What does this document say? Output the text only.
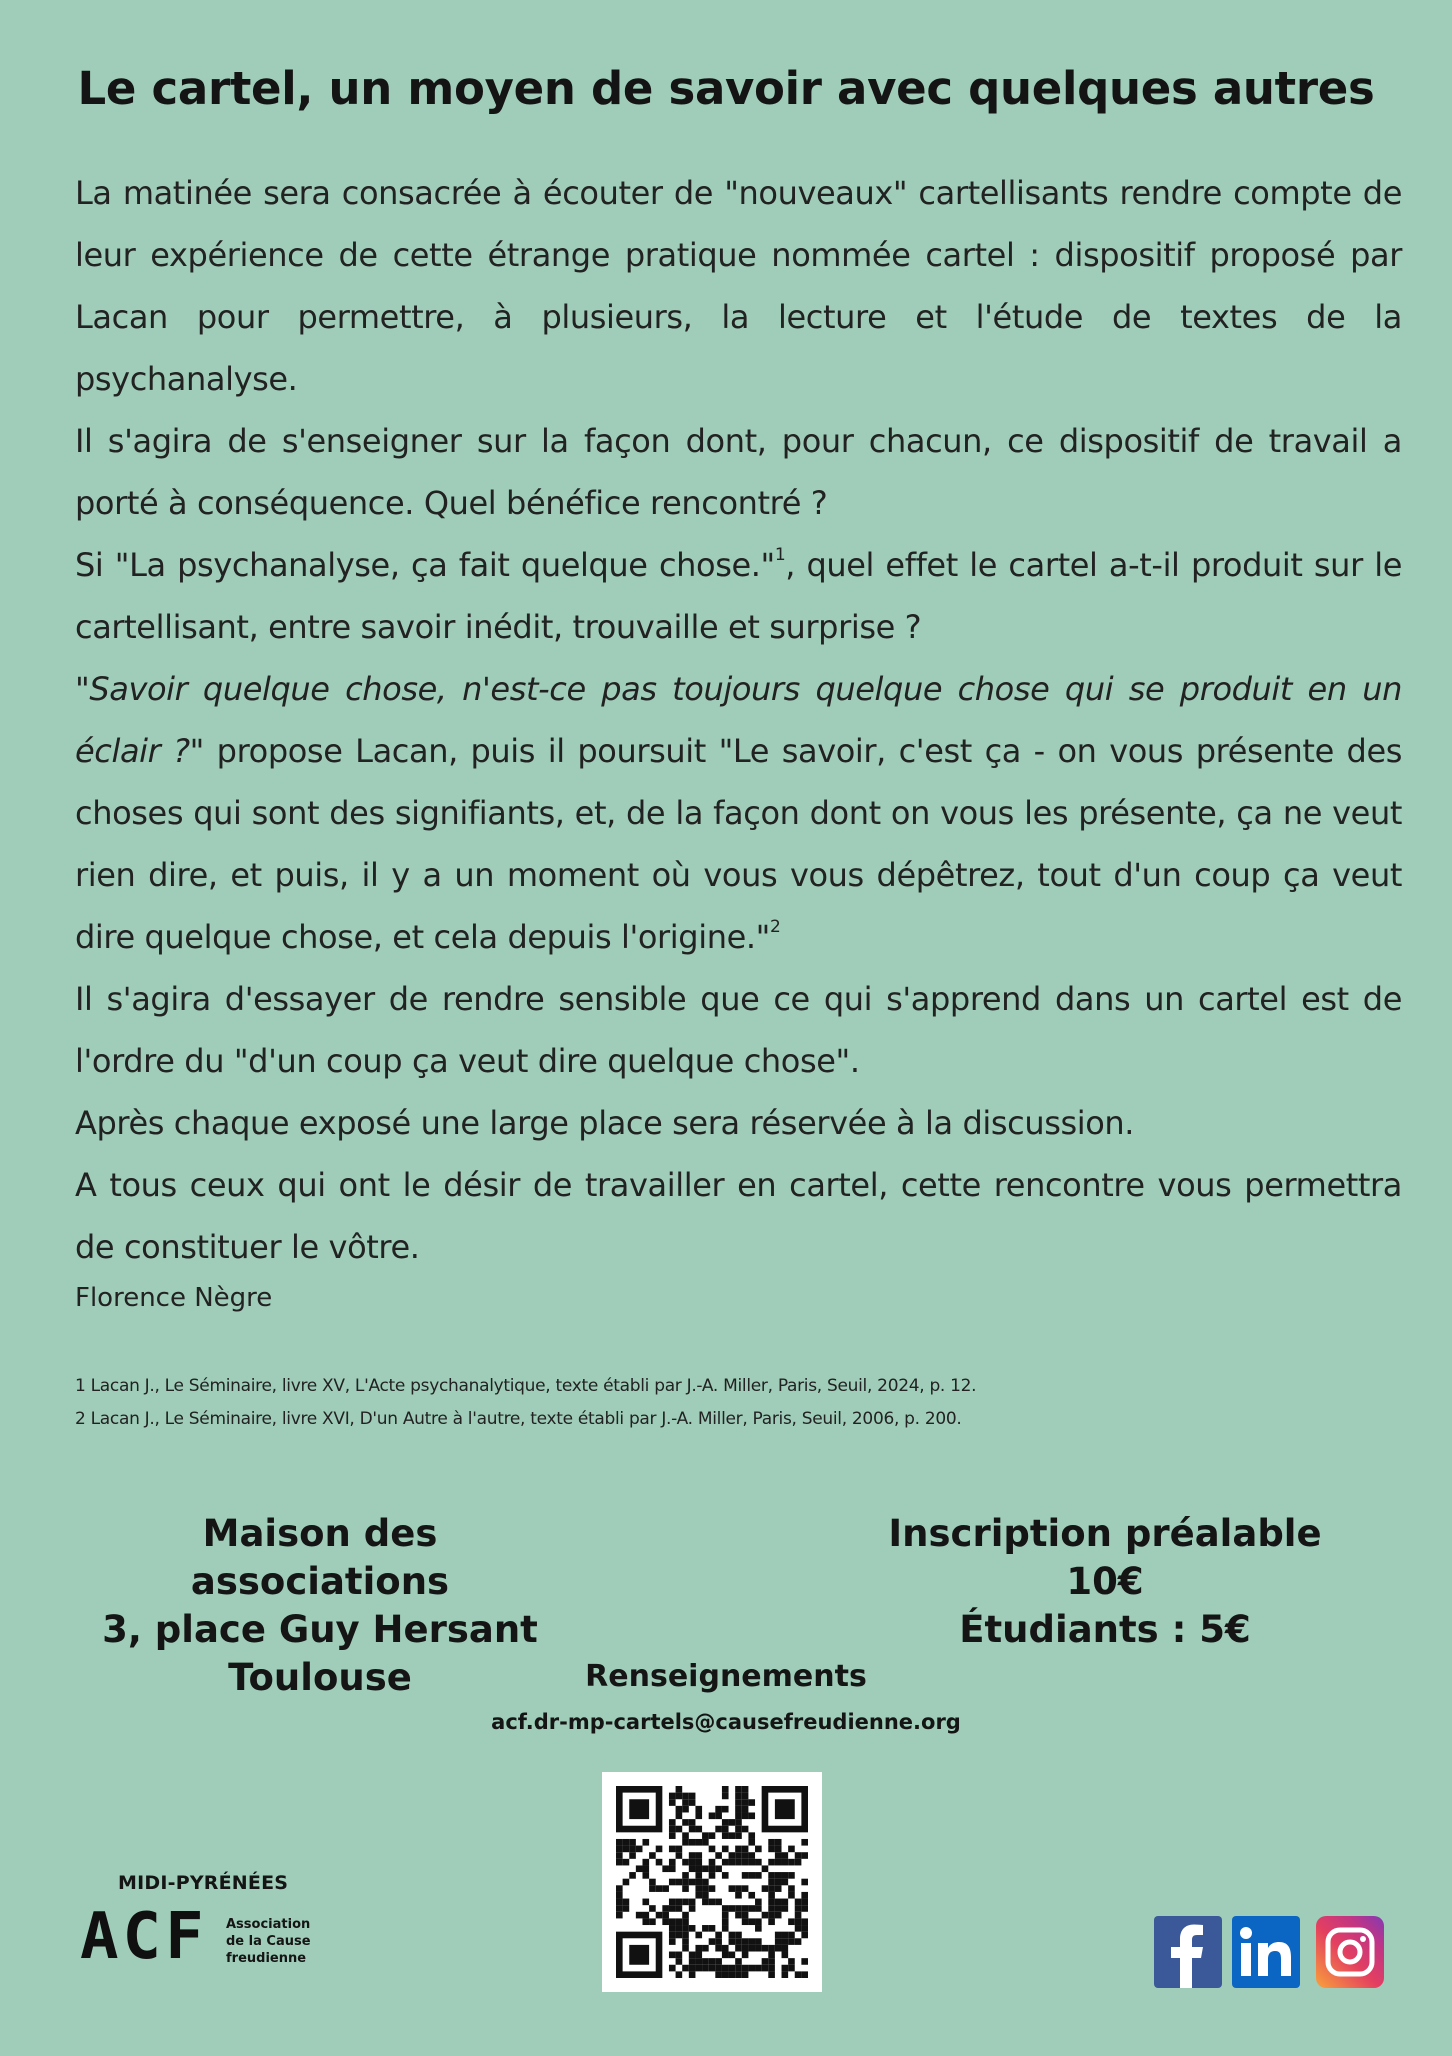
Le cartel, un moyen de savoir avec quelques autres

La matinée sera consacrée à écouter de "nouveaux" cartellisants rendre compte de leur expérience de cette étrange pratique nommée cartel : dispositif proposé par Lacan pour permettre, à plusieurs, la lecture et l'étude de textes de la psychanalyse.

Il s'agira de s'enseigner sur la façon dont, pour chacun, ce dispositif de travail a porté à conséquence. Quel bénéfice rencontré ?

Si "La psychanalyse, ça fait quelque chose."$^1$, quel effet le cartel a-t-il produit sur le cartellisant, entre savoir inédit, trouvaille et surprise ?

"Savoir quelque chose, n'est-ce pas toujours quelque chose qui se produit en un éclair ?" propose Lacan, puis il poursuit "Le savoir, c'est ça - on vous présente des choses qui sont des signifiants, et, de la façon dont on vous les présente, ça ne veut rien dire, et puis, il y a un moment où vous vous dépêtrez, tout d'un coup ça veut dire quelque chose, et cela depuis l'origine."$^2$

Il s'agira d'essayer de rendre sensible que ce qui s'apprend dans un cartel est de l'ordre du "d'un coup ça veut dire quelque chose".

Après chaque exposé une large place sera réservée à la discussion.

A tous ceux qui ont le désir de travailler en cartel, cette rencontre vous permettra de constituer le vôtre.

Florence Nègre
1 Lacan J., Le Séminaire, livre XV, L'Acte psychanalytique, texte établi par J.-A. Miller, Paris, Seuil, 2024, p. 12.
2 Lacan J., Le Séminaire, livre XVI, D'un Autre à l'autre, texte établi par J.-A. Miller, Paris, Seuil, 2006, p. 200.
Maison des associations
3, place Guy Hersant
Toulouse
Inscription préalable
10€
Étudiants : 5€
Renseignements
acf.dr-mp-cartels@causefreudienne.org
MIDI-PYRÉNÉES
ACF Association
de la Cause
freudienne
